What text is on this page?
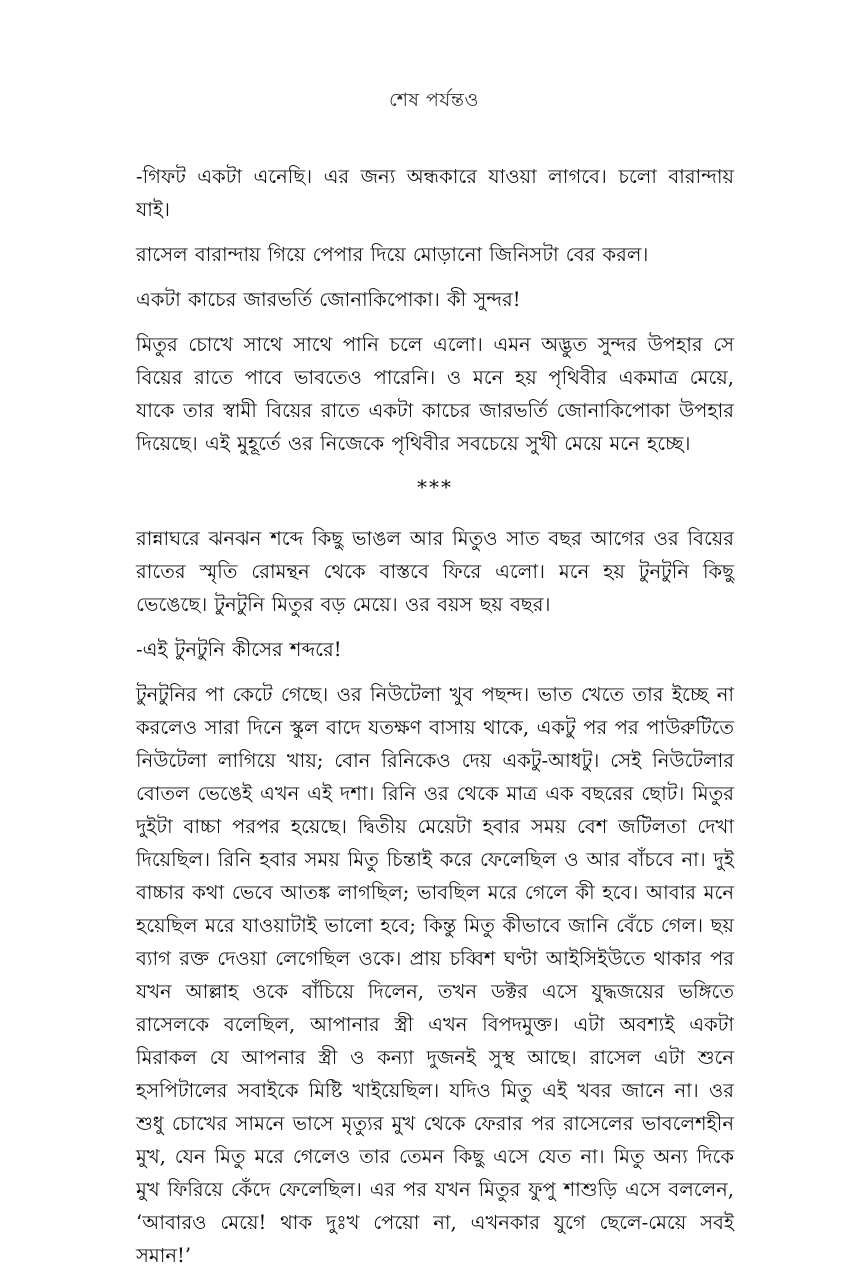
শেষ পর্যন্তও

-গিফট একটা এনেছি। এর জন্য অন্ধকারে যাওয়া লাগবে। চলো বারান্দায় যাই।

রাসেল বারান্দায় গিয়ে পেপার দিয়ে মোড়ানো জিনিসটা বের করল।

একটা কাচের জারভর্তি জোনাকিপোকা। কী সুন্দর!

মিতুর চোখে সাথে সাথে পানি চলে এলো। এমন অদ্ভুত সুন্দর উপহার সে বিয়ের রাতে পাবে ভাবতেও পারেনি। ও মনে হয় পৃথিবীর একমাত্র মেয়ে, যাকে তার স্বামী বিয়ের রাতে একটা কাচের জারভর্তি জোনাকিপোকা উপহার দিয়েছে। এই মুহূর্তে ওর নিজেকে পৃথিবীর সবচেয়ে সুখী মেয়ে মনে হচ্ছে।

***

রান্নাঘরে ঝনঝন শব্দে কিছু ভাঙল আর মিতুও সাত বছর আগের ওর বিয়ের রাতের স্মৃতি রোমন্থন থেকে বাস্তবে ফিরে এলো। মনে হয় টুনটুনি কিছু ভেঙেছে। টুনটুনি মিতুর বড় মেয়ে। ওর বয়স ছয় বছর।

-এই টুনটুনি কীসের শব্দরে!

টুনটুনির পা কেটে গেছে। ওর নিউটেলা খুব পছন্দ। ভাত খেতে তার ইচ্ছে না করলেও সারা দিনে স্কুল বাদে যতক্ষণ বাসায় থাকে, একটু পর পর পাউরুটিতে নিউটেলা লাগিয়ে খায়; বোন রিনিকেও দেয় একটু-আধটু। সেই নিউটেলার বোতল ভেঙেই এখন এই দশা। রিনি ওর থেকে মাত্র এক বছরের ছোট। মিতুর দুইটা বাচ্চা পরপর হয়েছে। দ্বিতীয় মেয়েটা হবার সময় বেশ জটিলতা দেখা দিয়েছিল। রিনি হবার সময় মিতু চিন্তাই করে ফেলেছিল ও আর বাঁচবে না। দুই বাচ্চার কথা ভেবে আতঙ্ক লাগছিল; ভাবছিল মরে গেলে কী হবে। আবার মনে হয়েছিল মরে যাওয়াটাই ভালো হবে; কিন্তু মিতু কীভাবে জানি বেঁচে গেল। ছয় ব্যাগ রক্ত দেওয়া লেগেছিল ওকে। প্রায় চব্বিশ ঘণ্টা আইসিইউতে থাকার পর যখন আল্লাহ ওকে বাঁচিয়ে দিলেন, তখন ডক্টর এসে যুদ্ধজয়ের ভঙ্গিতে রাসেলকে বলেছিল, আপানার স্ত্রী এখন বিপদমুক্ত। এটা অবশ্যই একটা মিরাকল যে আপনার স্ত্রী ও কন্যা দুজনই সুস্থ আছে। রাসেল এটা শুনে হসপিটালের সবাইকে মিষ্টি খাইয়েছিল। যদিও মিতু এই খবর জানে না। ওর শুধু চোখের সামনে ভাসে মৃত্যুর মুখ থেকে ফেরার পর রাসেলের ভাবলেশহীন মুখ, যেন মিতু মরে গেলেও তার তেমন কিছু এসে যেত না। মিতু অন্য দিকে মুখ ফিরিয়ে কেঁদে ফেলেছিল। এর পর যখন মিতুর ফুপু শাশুড়ি এসে বললেন, ‘আবারও মেয়ে! থাক দুঃখ পেয়ো না, এখনকার যুগে ছেলে-মেয়ে সবই সমান!’
